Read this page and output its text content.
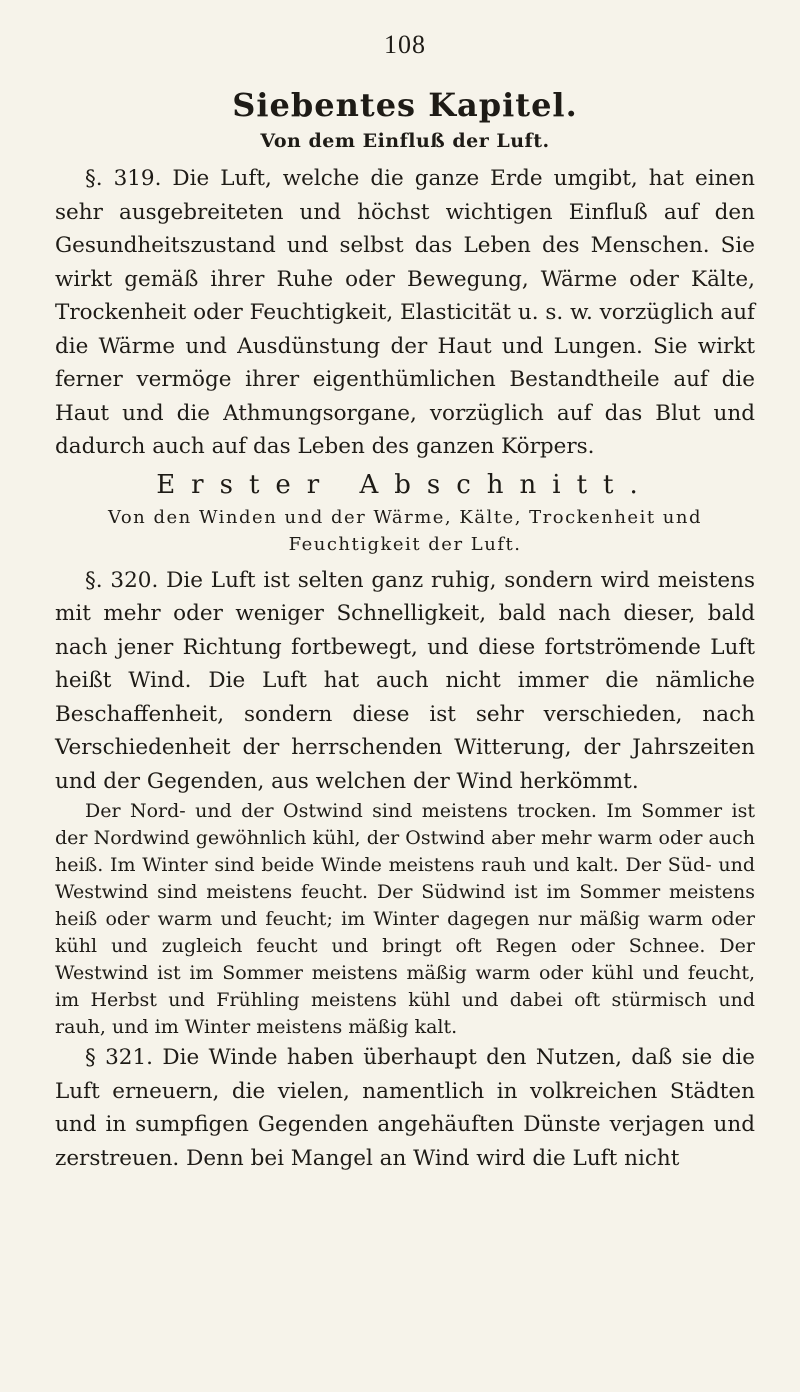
108
Siebentes Kapitel.
Von dem Einfluß der Luft.

§. 319. Die Luft, welche die ganze Erde umgibt, hat einen sehr ausgebreiteten und höchst wichtigen Einfluß auf den Gesundheitszustand und selbst das Leben des Menschen. Sie wirkt gemäß ihrer Ruhe oder Bewegung, Wärme oder Kälte, Trockenheit oder Feuchtigkeit, Elasticität u. s. w. vorzüglich auf die Wärme und Ausdünstung der Haut und Lungen. Sie wirkt ferner vermöge ihrer eigenthümlichen Bestandtheile auf die Haut und die Athmungsorgane, vorzüglich auf das Blut und dadurch auch auf das Leben des ganzen Körpers.

Erster Abschnitt.
Von den Winden und der Wärme, Kälte, Trockenheit und Feuchtigkeit der Luft.

§. 320. Die Luft ist selten ganz ruhig, sondern wird meistens mit mehr oder weniger Schnelligkeit, bald nach dieser, bald nach jener Richtung fortbewegt, und diese fortströmende Luft heißt Wind. Die Luft hat auch nicht immer die nämliche Beschaffenheit, sondern diese ist sehr verschieden, nach Verschiedenheit der herrschenden Witterung, der Jahrszeiten und der Gegenden, aus welchen der Wind herkömmt.

Der Nord- und der Ostwind sind meistens trocken. Im Sommer ist der Nordwind gewöhnlich kühl, der Ostwind aber mehr warm oder auch heiß. Im Winter sind beide Winde meistens rauh und kalt. Der Süd- und Westwind sind meistens feucht. Der Südwind ist im Sommer meistens heiß oder warm und feucht; im Winter dagegen nur mäßig warm oder kühl und zugleich feucht und bringt oft Regen oder Schnee. Der Westwind ist im Sommer meistens mäßig warm oder kühl und feucht, im Herbst und Frühling meistens kühl und dabei oft stürmisch und rauh, und im Winter meistens mäßig kalt.

§ 321. Die Winde haben überhaupt den Nutzen, daß sie die Luft erneuern, die vielen, namentlich in volkreichen Städten und in sumpfigen Gegenden angehäuften Dünste verjagen und zerstreuen. Denn bei Mangel an Wind wird die Luft nicht
